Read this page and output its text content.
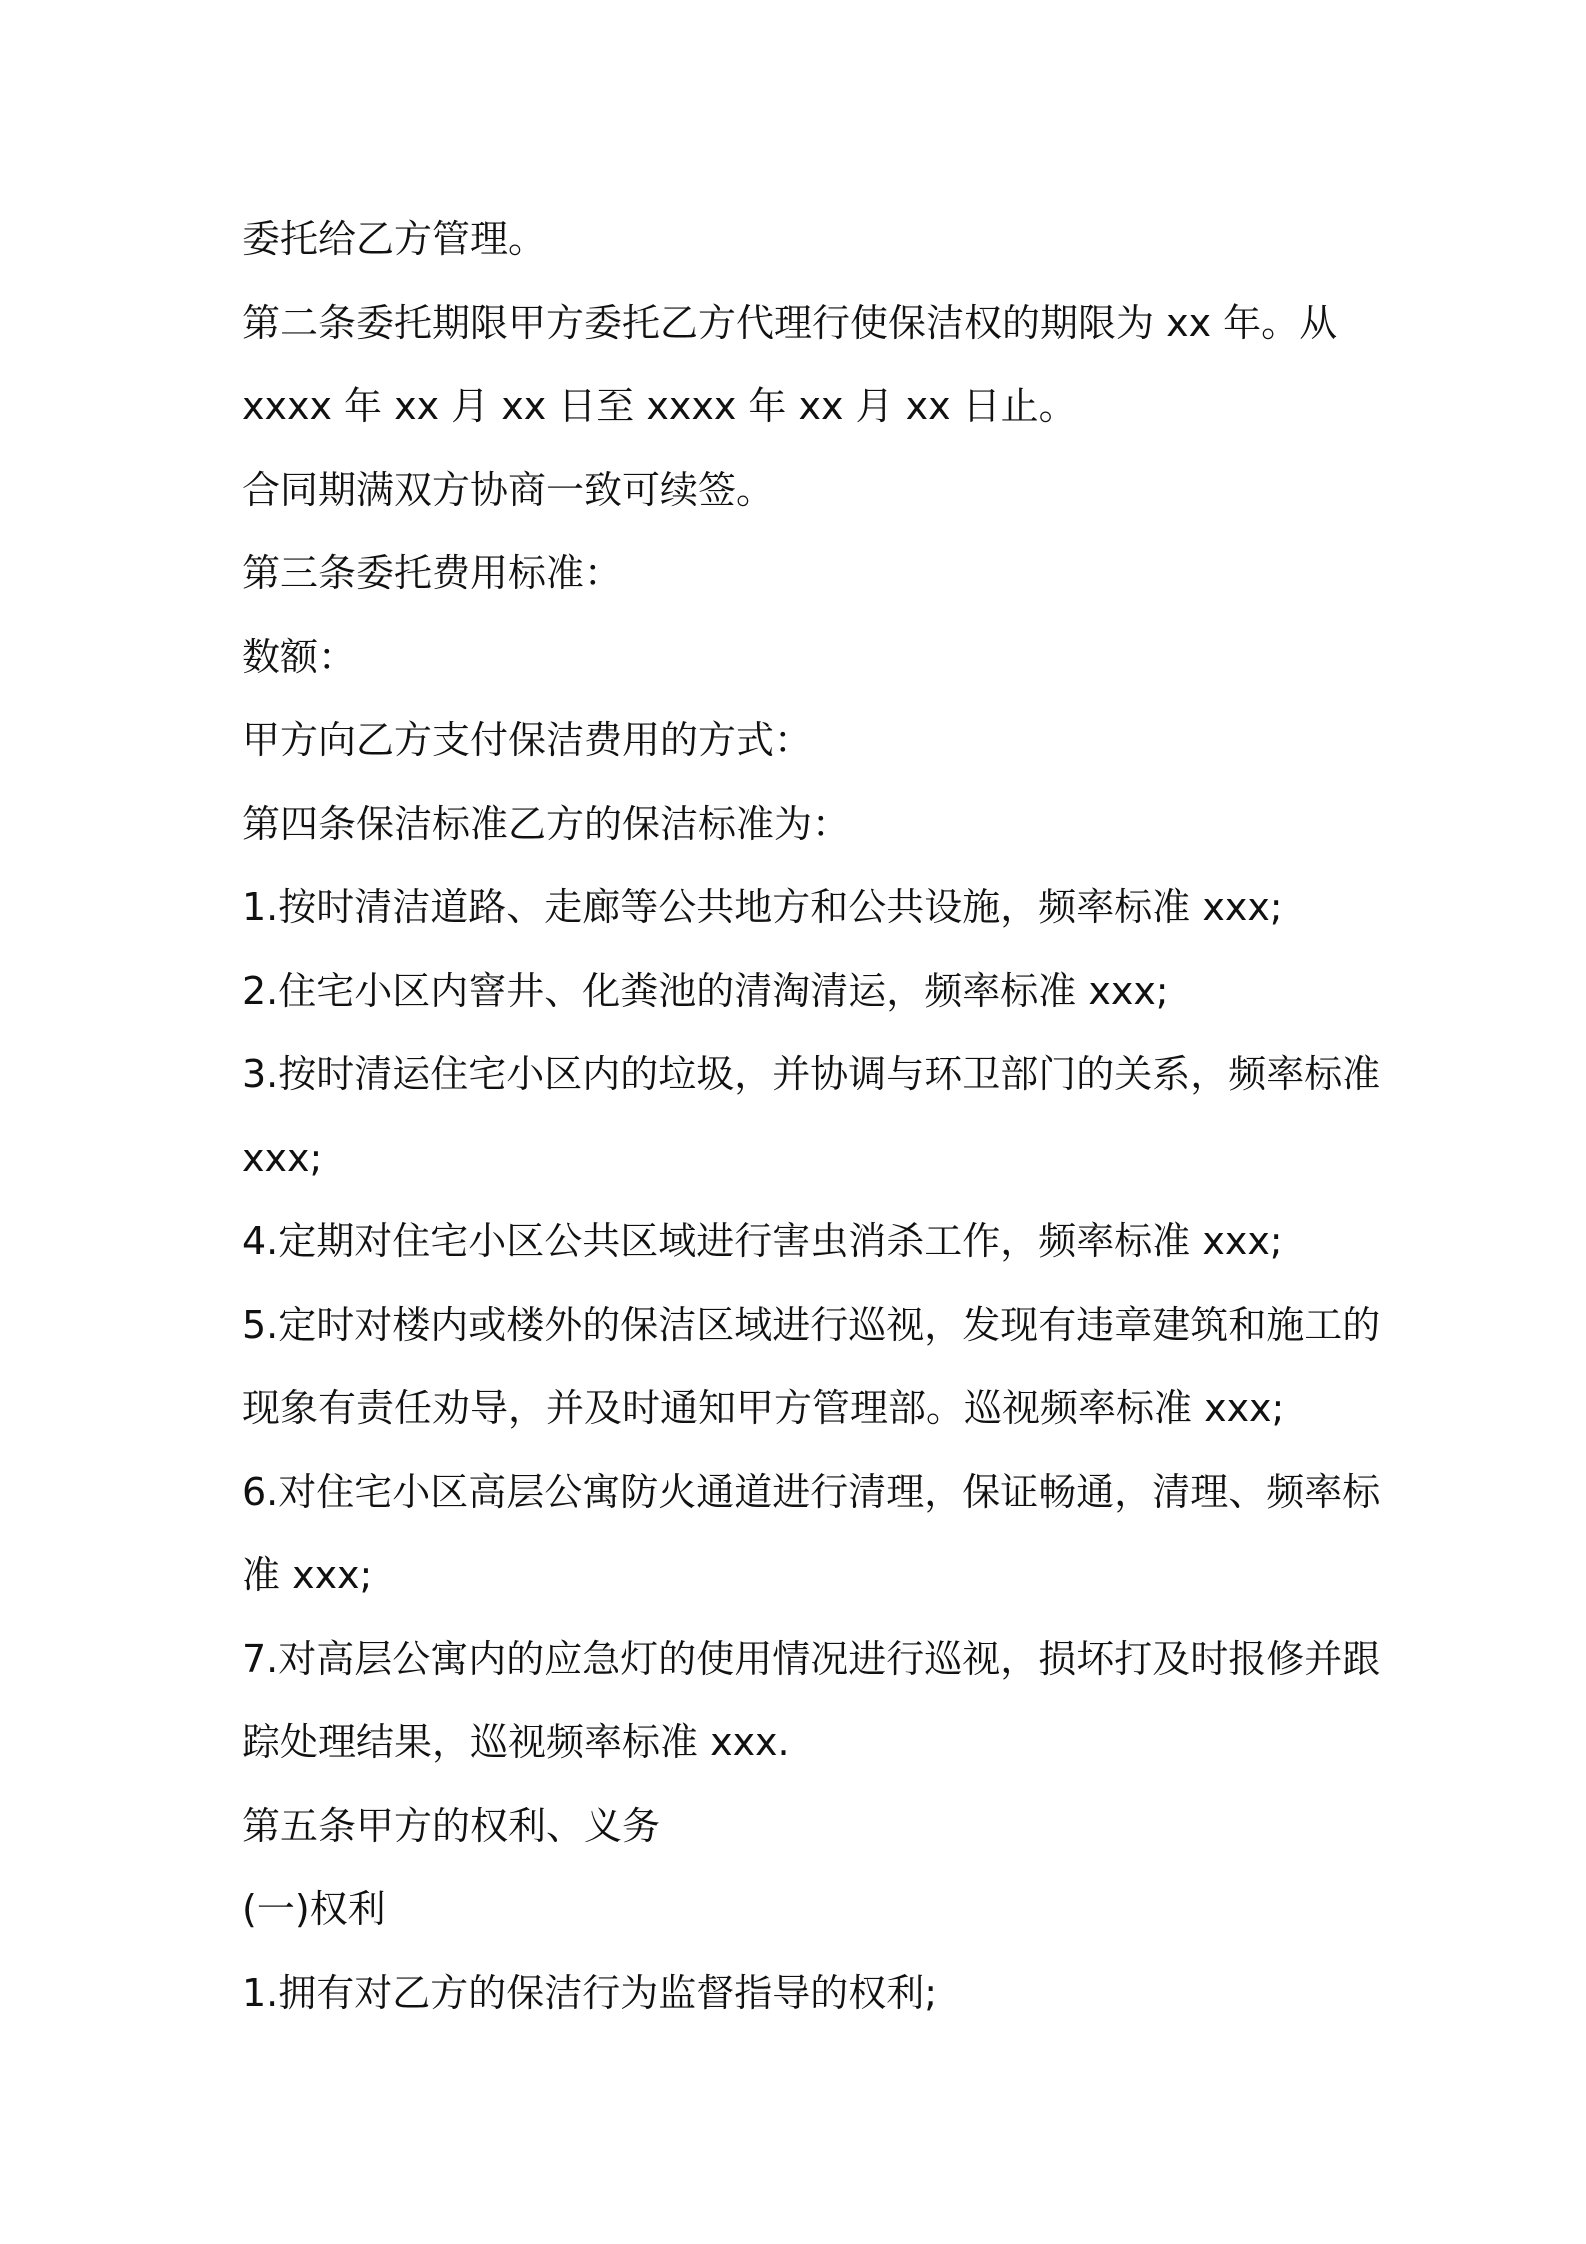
委托给乙方管理。
第二条委托期限甲方委托乙方代理行使保洁权的期限为 xx 年。从
xxxx 年 xx 月 xx 日至 xxxx 年 xx 月 xx 日止。
合同期满双方协商一致可续签。
第三条委托费用标准：
数额：
甲方向乙方支付保洁费用的方式：
第四条保洁标准乙方的保洁标准为：
1.按时清洁道路、走廊等公共地方和公共设施，频率标准 xxx;
2.住宅小区内窨井、化粪池的清淘清运，频率标准 xxx;
3.按时清运住宅小区内的垃圾，并协调与环卫部门的关系，频率标准
xxx;
4.定期对住宅小区公共区域进行害虫消杀工作，频率标准 xxx;
5.定时对楼内或楼外的保洁区域进行巡视，发现有违章建筑和施工的
现象有责任劝导，并及时通知甲方管理部。巡视频率标准 xxx;
6.对住宅小区高层公寓防火通道进行清理，保证畅通，清理、频率标
准 xxx;
7.对高层公寓内的应急灯的使用情况进行巡视，损坏打及时报修并跟
踪处理结果，巡视频率标准 xxx.
第五条甲方的权利、义务
(一)权利
1.拥有对乙方的保洁行为监督指导的权利;
